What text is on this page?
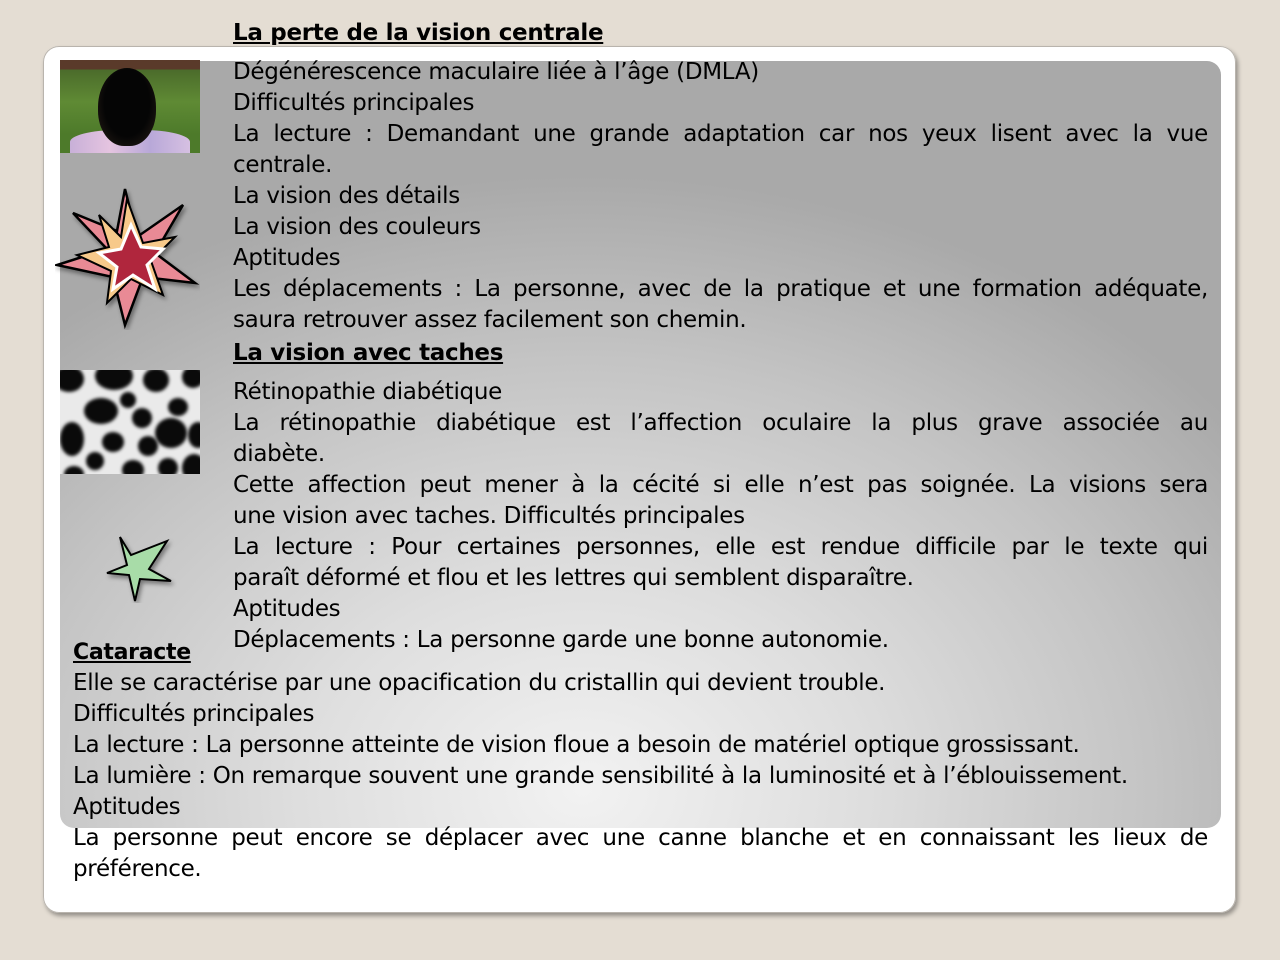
La perte de la vision centrale
Dégénérescence maculaire liée à l’âge (DMLA)
Difficultés principales
La lecture : Demandant une grande adaptation car nos yeux lisent avec la vue
centrale.
La vision des détails
La vision des couleurs
Aptitudes
Les déplacements : La personne, avec de la pratique et une formation adéquate,
saura retrouver assez facilement son chemin.
La vision avec taches
Rétinopathie diabétique
La rétinopathie diabétique est l’affection oculaire la plus grave associée au
diabète.
Cette affection peut mener à la cécité si elle n’est pas soignée. La visions sera
une vision avec taches. Difficultés principales
La lecture : Pour certaines personnes, elle est rendue difficile par le texte qui
paraît déformé et flou et les lettres qui semblent disparaître.
Aptitudes
Déplacements : La personne garde une bonne autonomie.
Cataracte
Elle se caractérise par une opacification du cristallin qui devient trouble.
Difficultés principales
La lecture : La personne atteinte de vision floue a besoin de matériel optique grossissant.
La lumière : On remarque souvent une grande sensibilité à la luminosité et à l’éblouissement.
Aptitudes
La personne peut encore se déplacer avec une canne blanche et en connaissant les lieux de
préférence.
